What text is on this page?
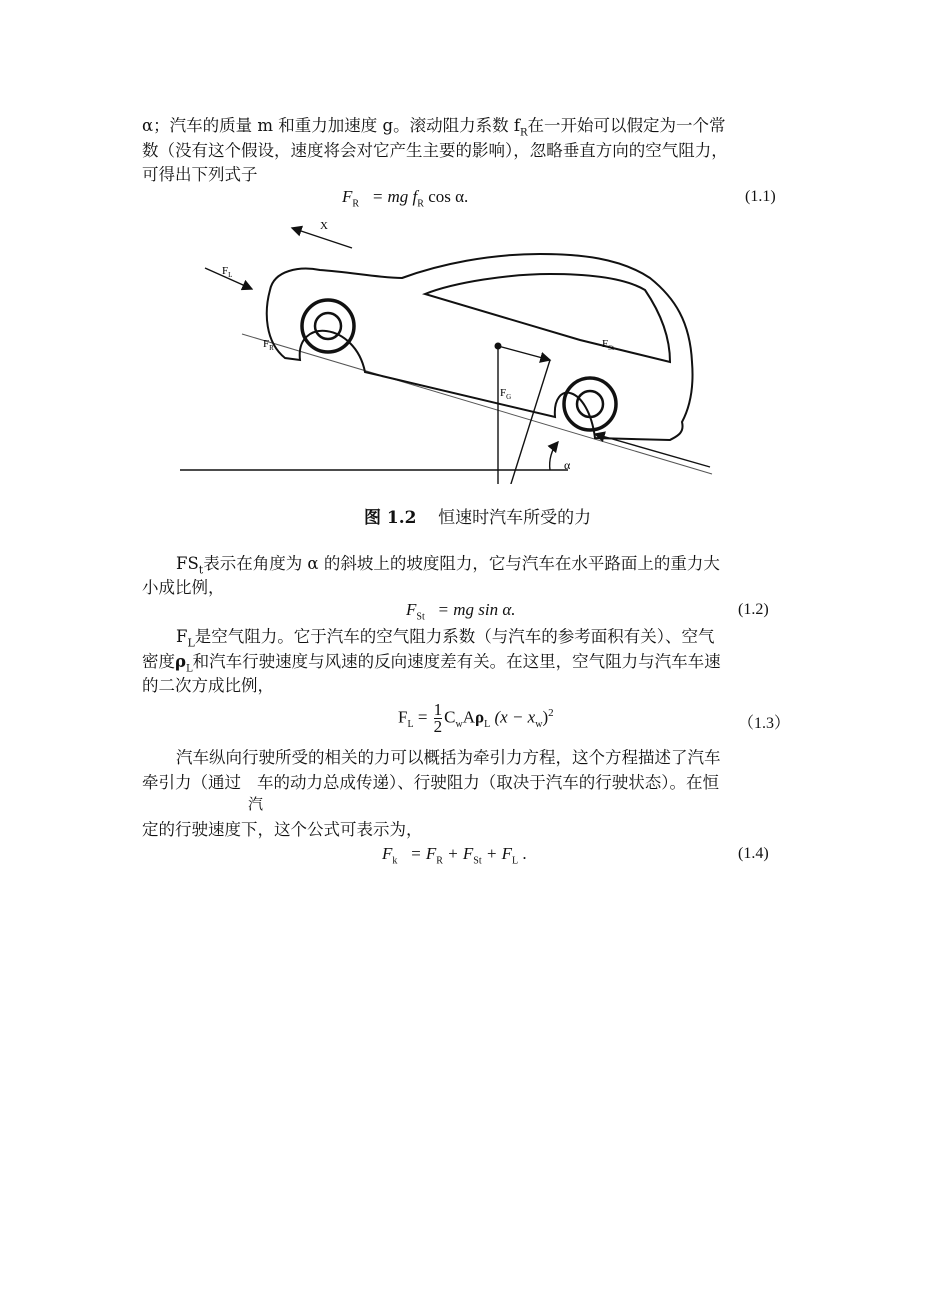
α；汽车的质量 m 和重力加速度 g。滚动阻力系数 $f_R$在一开始可以假定为一个常
数（没有这个假设，速度将会对它产生主要的影响），忽略垂直方向的空气阻力，
可得出下列式子
$F_R$ = mg $f_R$ cos α.	(1.1)
X
$F_L$
$F_R$	$F_{St}$
$F_G$
α
图 1.2 恒速时汽车所受的力
$FS_t$表示在角度为 α 的斜坡上的坡度阻力，它与汽车在水平路面上的重力大
小成比例，
$F_{St}$ = mg sin α.	(1.2)
$F_L$是空气阻力。它于汽车的空气阻力系数（与汽车的参考面积有关）、空气
密度$\rho_L$和汽车行驶速度与风速的反向速度差有关。在这里，空气阻力与汽车车速
的二次方成比例，
$F_L = \frac{1}{2} C_wA\rho_L$ $(x - x_w)^2$
（1.3）
汽车纵向行驶所受的相关的力可以概括为牵引力方程，这个方程描述了汽车
牵引力（通过 车的动力总成传递）、行驶阻力（取决于汽车的行驶状态）。在恒
汽
定的行驶速度下，这个公式可表示为，
$F_k = F_R + F_{St} + F_L$ .	(1.4)
